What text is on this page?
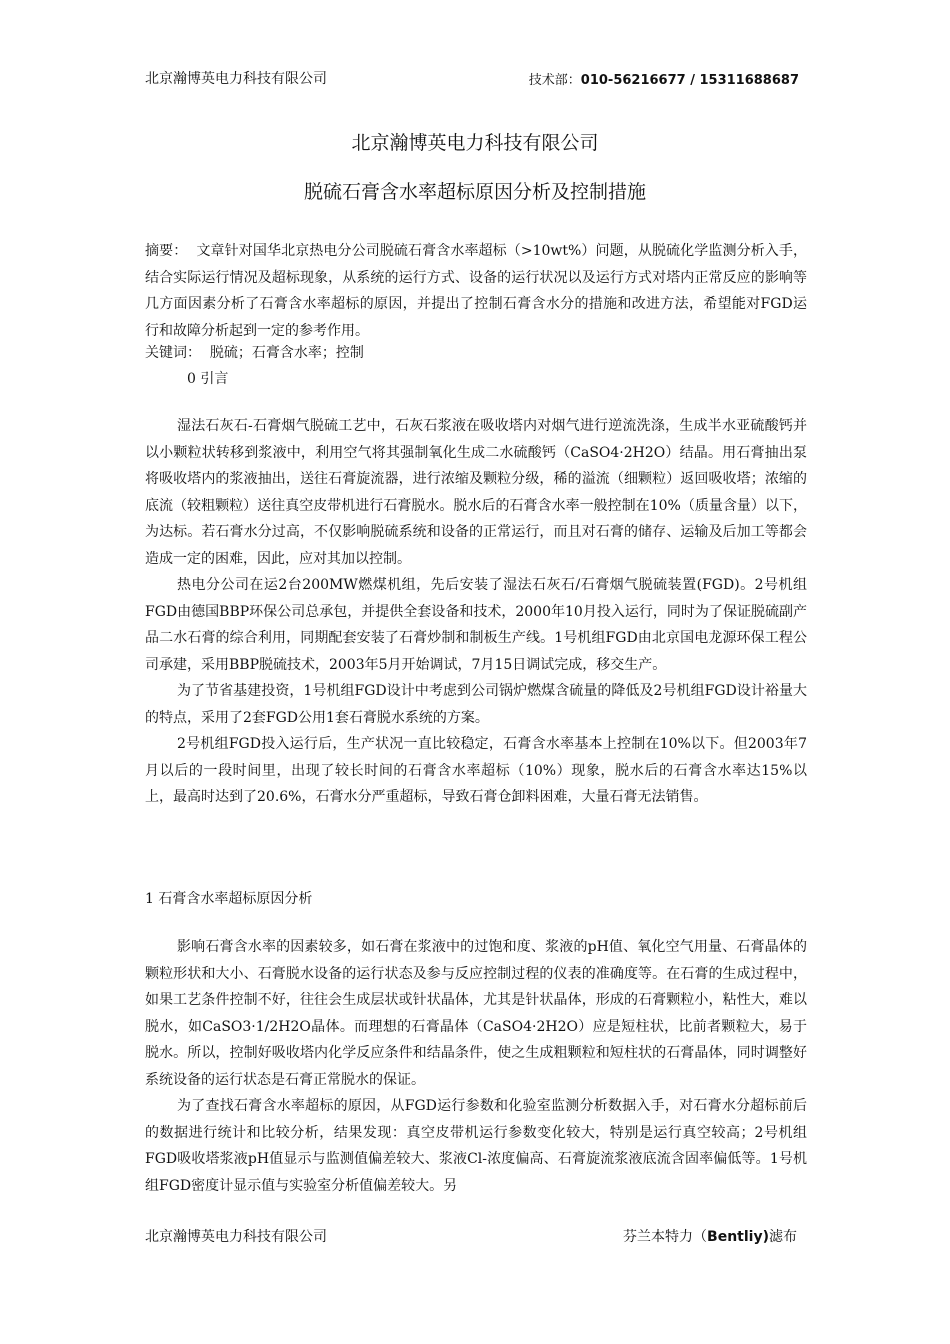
北京瀚博英电力科技有限公司	技术部：010-56216677 / 15311688687
北京瀚博英电力科技有限公司
脱硫石膏含水率超标原因分析及控制措施
摘要： 文章针对国华北京热电分公司脱硫石膏含水率超标（>10wt%）问题，从脱硫化学监测分析入手，结合实际运行情况及超标现象，从系统的运行方式、设备的运行状况以及运行方式对塔内正常反应的影响等几方面因素分析了石膏含水率超标的原因，并提出了控制石膏含水分的措施和改进方法，希望能对FGD运行和故障分析起到一定的参考作用。
关键词： 脱硫；石膏含水率；控制
0 引言

湿法石灰石-石膏烟气脱硫工艺中，石灰石浆液在吸收塔内对烟气进行逆流洗涤，生成半水亚硫酸钙并以小颗粒状转移到浆液中，利用空气将其强制氧化生成二水硫酸钙（CaSO4·2H2O）结晶。用石膏抽出泵将吸收塔内的浆液抽出，送往石膏旋流器，进行浓缩及颗粒分级，稀的溢流（细颗粒）返回吸收塔；浓缩的底流（较粗颗粒）送往真空皮带机进行石膏脱水。脱水后的石膏含水率一般控制在10%（质量含量）以下，为达标。若石膏水分过高，不仅影响脱硫系统和设备的正常运行，而且对石膏的储存、运输及后加工等都会造成一定的困难，因此，应对其加以控制。

热电分公司在运2台200MW燃煤机组，先后安装了湿法石灰石/石膏烟气脱硫装置(FGD)。2号机组FGD由德国BBP环保公司总承包，并提供全套设备和技术，2000年10月投入运行，同时为了保证脱硫副产品二水石膏的综合利用，同期配套安装了石膏炒制和制板生产线。1号机组FGD由北京国电龙源环保工程公司承建，采用BBP脱硫技术，2003年5月开始调试，7月15日调试完成，移交生产。

为了节省基建投资，1号机组FGD设计中考虑到公司锅炉燃煤含硫量的降低及2号机组FGD设计裕量大的特点，采用了2套FGD公用1套石膏脱水系统的方案。

2号机组FGD投入运行后，生产状况一直比较稳定，石膏含水率基本上控制在10%以下。但2003年7月以后的一段时间里，出现了较长时间的石膏含水率超标（10%）现象，脱水后的石膏含水率达15%以上，最高时达到了20.6%，石膏水分严重超标，导致石膏仓卸料困难，大量石膏无法销售。

1 石膏含水率超标原因分析

影响石膏含水率的因素较多，如石膏在浆液中的过饱和度、浆液的pH值、氧化空气用量、石膏晶体的颗粒形状和大小、石膏脱水设备的运行状态及参与反应控制过程的仪表的准确度等。在石膏的生成过程中，如果工艺条件控制不好，往往会生成层状或针状晶体，尤其是针状晶体，形成的石膏颗粒小，粘性大，难以脱水，如CaSO3·1/2H2O晶体。而理想的石膏晶体（CaSO4·2H2O）应是短柱状，比前者颗粒大，易于脱水。所以，控制好吸收塔内化学反应条件和结晶条件，使之生成粗颗粒和短柱状的石膏晶体，同时调整好系统设备的运行状态是石膏正常脱水的保证。

为了查找石膏含水率超标的原因，从FGD运行参数和化验室监测分析数据入手，对石膏水分超标前后的数据进行统计和比较分析，结果发现：真空皮带机运行参数变化较大，特别是运行真空较高；2号机组FGD吸收塔浆液pH值显示与监测值偏差较大、浆液Cl-浓度偏高、石膏旋流浆液底流含固率偏低等。1号机组FGD密度计显示值与实验室分析值偏差较大。另

北京瀚博英电力科技有限公司	芬兰本特力（Bentliy)滤布
